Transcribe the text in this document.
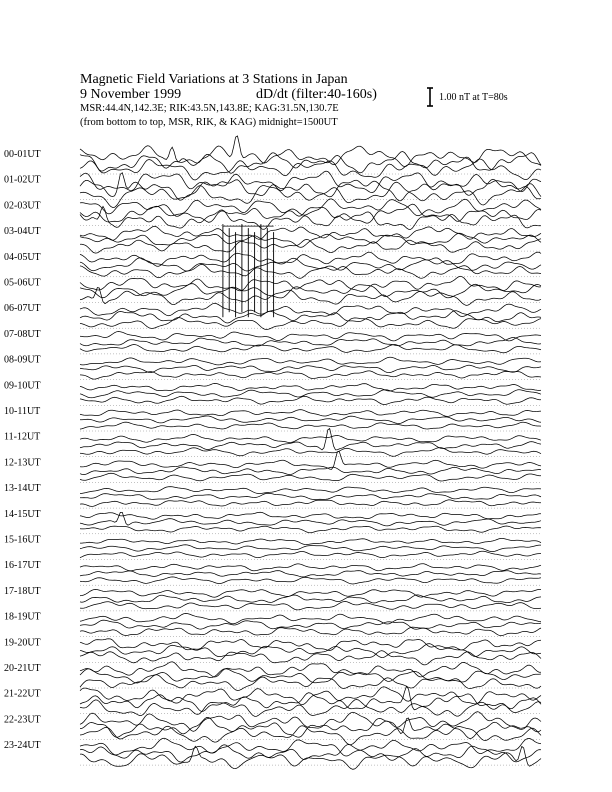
Magnetic Field Variations at 3 Stations in Japan
9 November 1999	dD/dt (filter:40-160s)
MSR:44.4N,142.3E; RIK:43.5N,143.8E; KAG:31.5N,130.7E
(from bottom to top, MSR, RIK, & KAG) midnight=1500UT
1.00 nT at T=80s
00-01UT
01-02UT
02-03UT
03-04UT
04-05UT
05-06UT
06-07UT
07-08UT
08-09UT
09-10UT
10-11UT
11-12UT
12-13UT
13-14UT
14-15UT
15-16UT
16-17UT
17-18UT
18-19UT
19-20UT
20-21UT
21-22UT
22-23UT
23-24UT
